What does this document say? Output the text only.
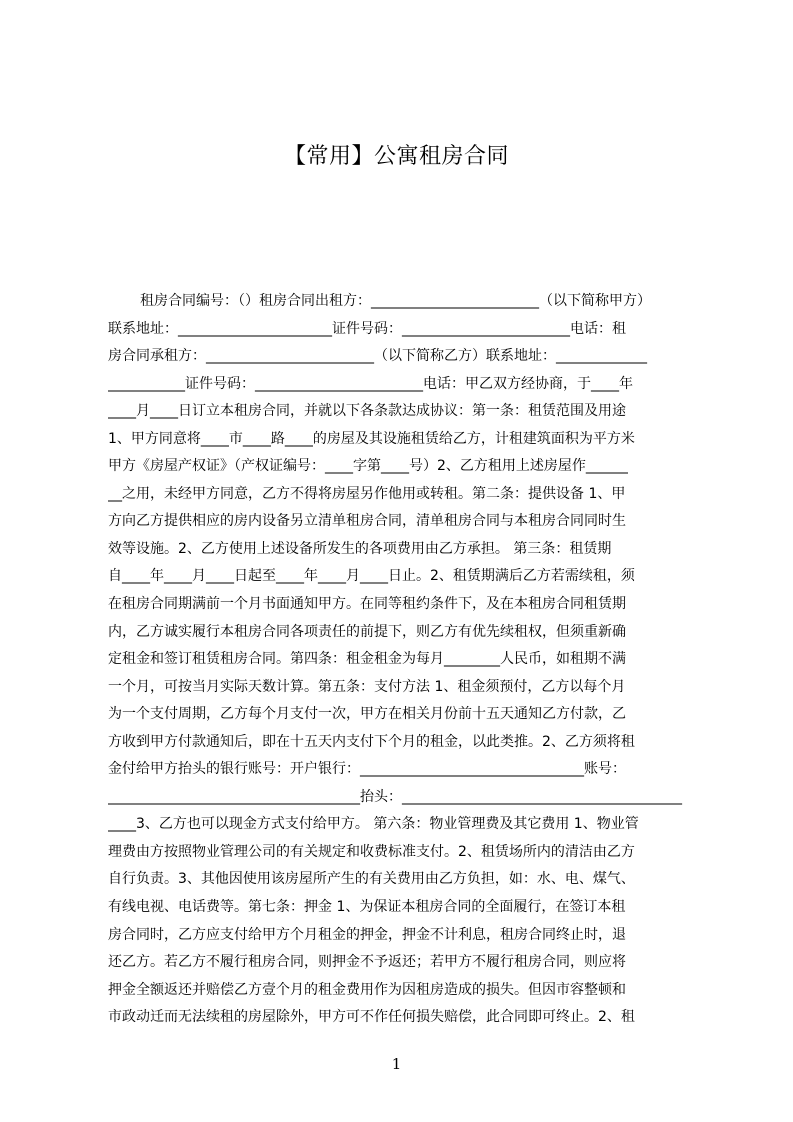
【常用】公寓租房合同
租房合同编号：（）租房合同出租方：________________________（以下简称甲方）
联系地址：______________________证件号码：________________________电话：租
房合同承租方：________________________（以下简称乙方）联系地址：_____________
___________证件号码：________________________电话：甲乙双方经协商，于____年
____月____日订立本租房合同，并就以下各条款达成协议：第一条：租赁范围及用途
1、甲方同意将____市____路____的房屋及其设施租赁给乙方，计租建筑面积为平方米
甲方《房屋产权证》（产权证编号：____字第____号）2、乙方租用上述房屋作______
__之用，未经甲方同意，乙方不得将房屋另作他用或转租。第二条：提供设备 1、甲
方向乙方提供相应的房内设备另立清单租房合同，清单租房合同与本租房合同同时生
效等设施。2、乙方使用上述设备所发生的各项费用由乙方承担。 第三条：租赁期
自____年____月____日起至____年____月____日止。2、租赁期满后乙方若需续租，须
在租房合同期满前一个月书面通知甲方。在同等租约条件下，及在本租房合同租赁期
内，乙方诚实履行本租房合同各项责任的前提下，则乙方有优先续租权，但须重新确
定租金和签订租赁租房合同。第四条：租金租金为每月________人民币，如租期不满
一个月，可按当月实际天数计算。第五条：支付方法 1、租金须预付，乙方以每个月
为一个支付周期，乙方每个月支付一次，甲方在相关月份前十五天通知乙方付款，乙
方收到甲方付款通知后，即在十五天内支付下个月的租金，以此类推。2、乙方须将租
金付给甲方抬头的银行账号：开户银行：________________________________账号：
____________________________________抬头：________________________________________
____3、乙方也可以现金方式支付给甲方。 第六条：物业管理费及其它费用 1、物业管
理费由方按照物业管理公司的有关规定和收费标准支付。2、租赁场所内的清洁由乙方
自行负责。3、其他因使用该房屋所产生的有关费用由乙方负担，如：水、电、煤气、
有线电视、电话费等。第七条：押金 1、为保证本租房合同的全面履行，在签订本租
房合同时，乙方应支付给甲方个月租金的押金，押金不计利息，租房合同终止时，退
还乙方。若乙方不履行租房合同，则押金不予返还；若甲方不履行租房合同，则应将
押金全额返还并赔偿乙方壹个月的租金费用作为因租房造成的损失。但因市容整顿和
市政动迁而无法续租的房屋除外，甲方可不作任何损失赔偿，此合同即可终止。2、租
1
